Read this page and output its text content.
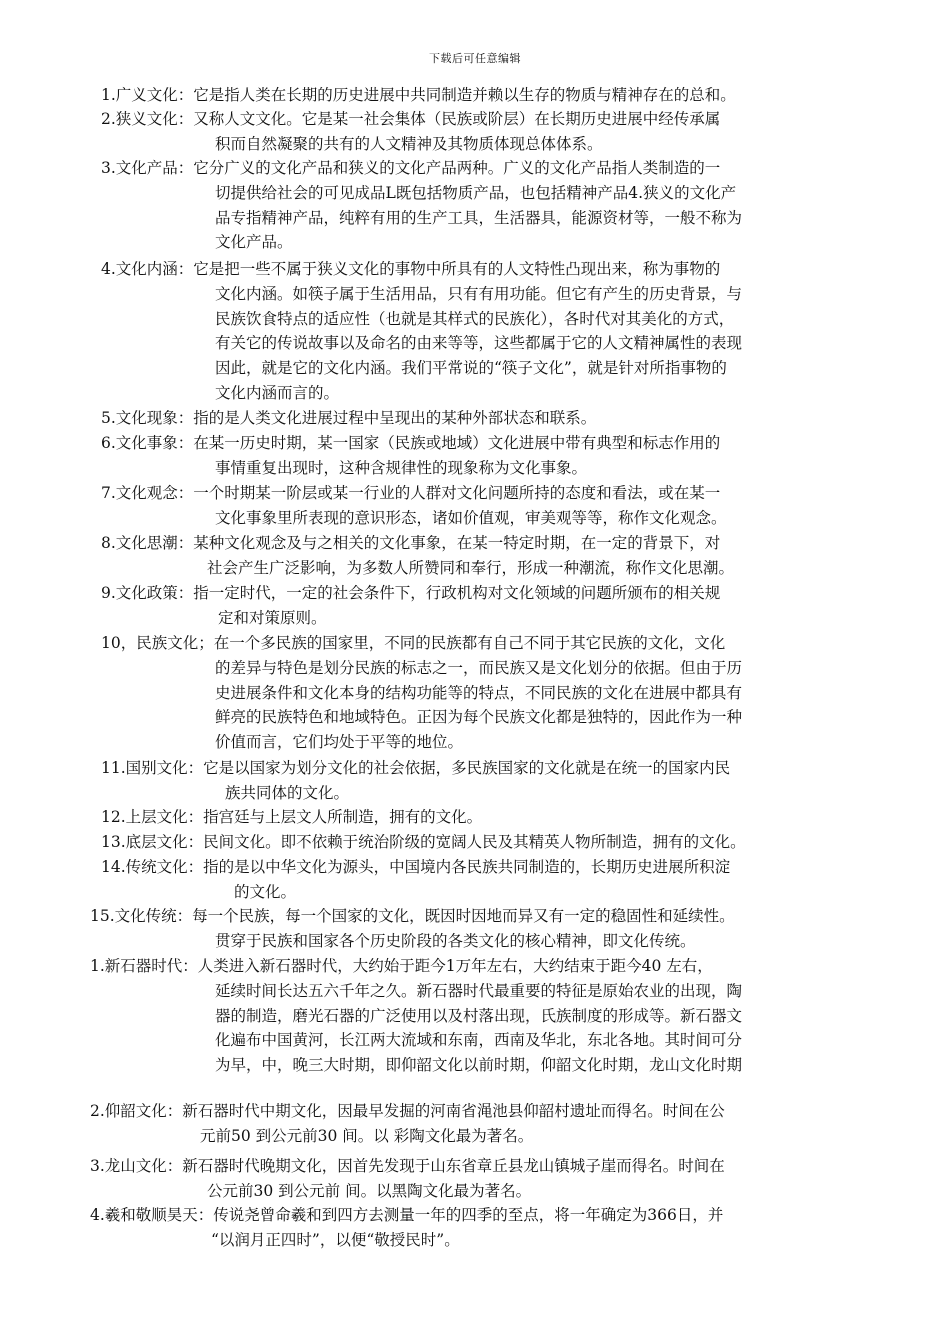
下载后可任意编辑
1.广义文化：它是指人类在长期的历史进展中共同制造并赖以生存的物质与精神存在的总和。
2.狭义文化：又称人文文化。它是某一社会集体（民族或阶层）在长期历史进展中经传承属
积而自然凝聚的共有的人文精神及其物质体现总体体系。
3.文化产品：它分广义的文化产品和狭义的文化产品两种。广义的文化产品指人类制造的一
切提供给社会的可见成品L既包括物质产品，也包括精神产品4.狭义的文化产
品专指精神产品，纯粹有用的生产工具，生活器具，能源资材等，一般不称为
文化产品。
4.文化内涵：它是把一些不属于狭义文化的事物中所具有的人文特性凸现出来，称为事物的
文化内涵。如筷子属于生活用品，只有有用功能。但它有产生的历史背景，与
民族饮食特点的适应性（也就是其样式的民族化），各时代对其美化的方式，
有关它的传说故事以及命名的由来等等，这些都属于它的人文精神属性的表现
因此，就是它的文化内涵。我们平常说的“筷子文化”，就是针对所指事物的
文化内涵而言的。
5.文化现象：指的是人类文化进展过程中呈现出的某种外部状态和联系。
6.文化事象：在某一历史时期，某一国家（民族或地域）文化进展中带有典型和标志作用的
事情重复出现时，这种含规律性的现象称为文化事象。
7.文化观念：一个时期某一阶层或某一行业的人群对文化问题所持的态度和看法，或在某一
文化事象里所表现的意识形态，诸如价值观，审美观等等，称作文化观念。
8.文化思潮：某种文化观念及与之相关的文化事象，在某一特定时期，在一定的背景下，对
社会产生广泛影响，为多数人所赞同和奉行，形成一种潮流，称作文化思潮。
9.文化政策：指一定时代，一定的社会条件下，行政机构对文化领域的问题所颁布的相关规
定和对策原则。
10，民族文化；在一个多民族的国家里，不同的民族都有自己不同于其它民族的文化，文化
的差异与特色是划分民族的标志之一，而民族又是文化划分的依据。但由于历
史进展条件和文化本身的结构功能等的特点，不同民族的文化在进展中都具有
鲜亮的民族特色和地域特色。正因为每个民族文化都是独特的，因此作为一种
价值而言，它们均处于平等的地位。
11.国别文化：它是以国家为划分文化的社会依据，多民族国家的文化就是在统一的国家内民
族共同体的文化。
12.上层文化：指宫廷与上层文人所制造，拥有的文化。
13.底层文化：民间文化。即不依赖于统治阶级的宽阔人民及其精英人物所制造，拥有的文化。
14.传统文化：指的是以中华文化为源头，中国境内各民族共同制造的，长期历史进展所积淀
的文化。
15.文化传统：每一个民族，每一个国家的文化，既因时因地而异又有一定的稳固性和延续性。
贯穿于民族和国家各个历史阶段的各类文化的核心精神，即文化传统。
1.新石器时代：人类进入新石器时代，大约始于距今1万年左右，大约结束于距今40 左右，
延续时间长达五六千年之久。新石器时代最重要的特征是原始农业的出现，陶
器的制造，磨光石器的广泛使用以及村落出现，氏族制度的形成等。新石器文
化遍布中国黄河，长江两大流域和东南，西南及华北，东北各地。其时间可分
为早，中，晚三大时期，即仰韶文化以前时期，仰韶文化时期，龙山文化时期
2.仰韶文化：新石器时代中期文化，因最早发掘的河南省渑池县仰韶村遗址而得名。时间在公
元前50 到公元前30 间。以 彩陶文化最为著名。
3.龙山文化：新石器时代晚期文化，因首先发现于山东省章丘县龙山镇城子崖而得名。时间在
公元前30 到公元前 间。以黑陶文化最为著名。
4.羲和敬顺昊天：传说尧曾命羲和到四方去测量一年的四季的至点，将一年确定为366日，并
“以润月正四时”，以便“敬授民时”。
